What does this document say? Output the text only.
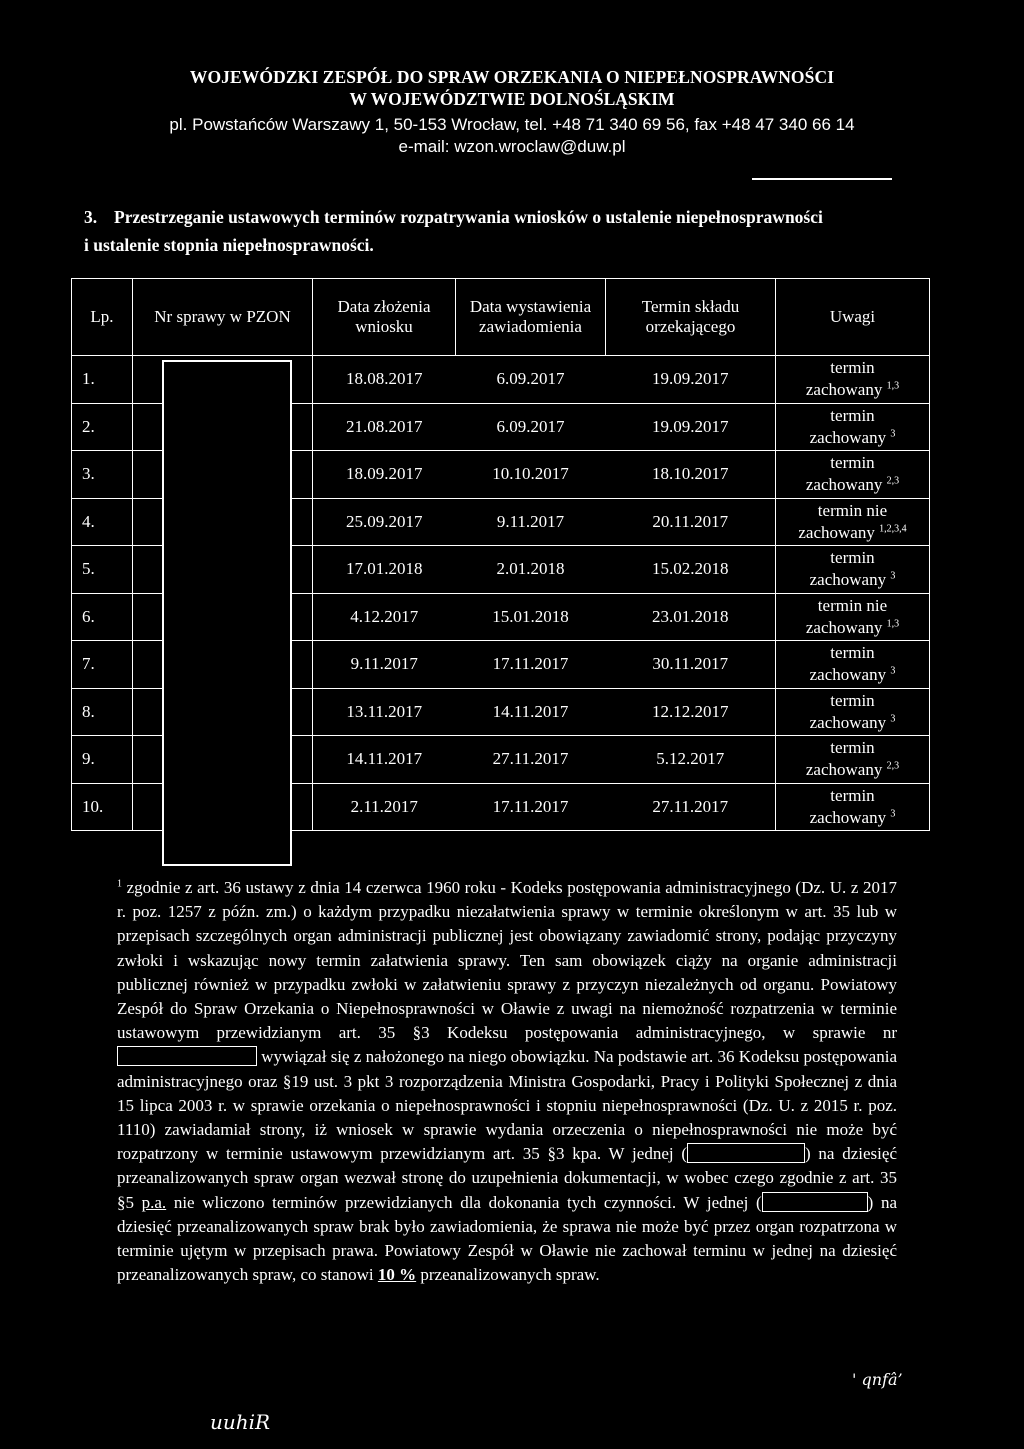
WOJEWÓDZKI ZESPÓŁ DO SPRAW ORZEKANIA O NIEPEŁNOSPRAWNOŚCI
W WOJEWÓDZTWIE DOLNOŚLĄSKIM
pl. Powstańców Warszawy 1, 50-153 Wrocław, tel. +48 71 340 69 56, fax +48 47 340 66 14
e-mail: wzon.wroclaw@duw.pl
3. Przestrzeganie ustawowych terminów rozpatrywania wniosków o ustalenie niepełnosprawności
i ustalenie stopnia niepełnosprawności.
Lp.	Nr sprawy w PZON	Data złożenia wniosku	Data wystawienia zawiadomienia	Termin składu orzekającego	Uwagi
1.		18.08.2017	6.09.2017	19.09.2017	termin
zachowany $^{1,3}$

2.		21.08.2017	6.09.2017	19.09.2017	termin
zachowany $^3$

3.		18.09.2017	10.10.2017	18.10.2017	termin
zachowany $^{2,3}$

4.		25.09.2017	9.11.2017	20.11.2017	termin nie
zachowany $^{1,2,3,4}$

5.		17.01.2018	2.01.2018	15.02.2018	termin
zachowany $^3$

6.		4.12.2017	15.01.2018	23.01.2018	termin nie
zachowany $^{1,3}$

7.		9.11.2017	17.11.2017	30.11.2017	termin
zachowany $^3$

8.		13.11.2017	14.11.2017	12.12.2017	termin
zachowany $^3$

9.		14.11.2017	27.11.2017	5.12.2017	termin
zachowany $^{2,3}$

10.		2.11.2017	17.11.2017	27.11.2017	termin
zachowany $^3$
$^1$ zgodnie z art. 36 ustawy z dnia 14 czerwca 1960 roku - Kodeks postępowania administracyjnego (Dz. U. z 2017 r. poz. 1257 z późn. zm.) o każdym przypadku niezałatwienia sprawy w terminie określonym w art. 35 lub w przepisach szczególnych organ administracji publicznej jest obowiązany zawiadomić strony, podając przyczyny zwłoki i wskazując nowy termin załatwienia sprawy. Ten sam obowiązek ciąży na organie administracji publicznej również w przypadku zwłoki w załatwieniu sprawy z przyczyn niezależnych od organu. Powiatowy Zespół do Spraw Orzekania o Niepełnosprawności w Oławie z uwagi na niemożność rozpatrzenia w terminie ustawowym przewidzianym art. 35 §3 Kodeksu postępowania administracyjnego, w sprawie nr wywiązał się z nałożonego na niego obowiązku. Na podstawie art. 36 Kodeksu postępowania administracyjnego oraz §19 ust. 3 pkt 3 rozporządzenia Ministra Gospodarki, Pracy i Polityki Społecznej z dnia 15 lipca 2003 r. w sprawie orzekania o niepełnosprawności i stopniu niepełnosprawności (Dz. U. z 2015 r. poz. 1110) zawiadamiał strony, iż wniosek w sprawie wydania orzeczenia o niepełnosprawności nie może być rozpatrzony w terminie ustawowym przewidzianym art. 35 §3 kpa. W jednej (	) na dziesięć przeanalizowanych spraw organ wezwał stronę do uzupełnienia dokumentacji, w wobec czego zgodnie z art. 35 §5 p.a. nie wliczono terminów przewidzianych dla dokonania tych czynności. W jednej (	) na dziesięć przeanalizowanych spraw brak było zawiadomienia, że sprawa nie może być przez organ rozpatrzona w terminie ujętym w przepisach prawa. Powiatowy Zespół w Oławie nie zachował terminu w jednej na dziesięć przeanalizowanych spraw, co stanowi 10 % przeanalizowanych spraw.
uuhiR
' qnfâ’
